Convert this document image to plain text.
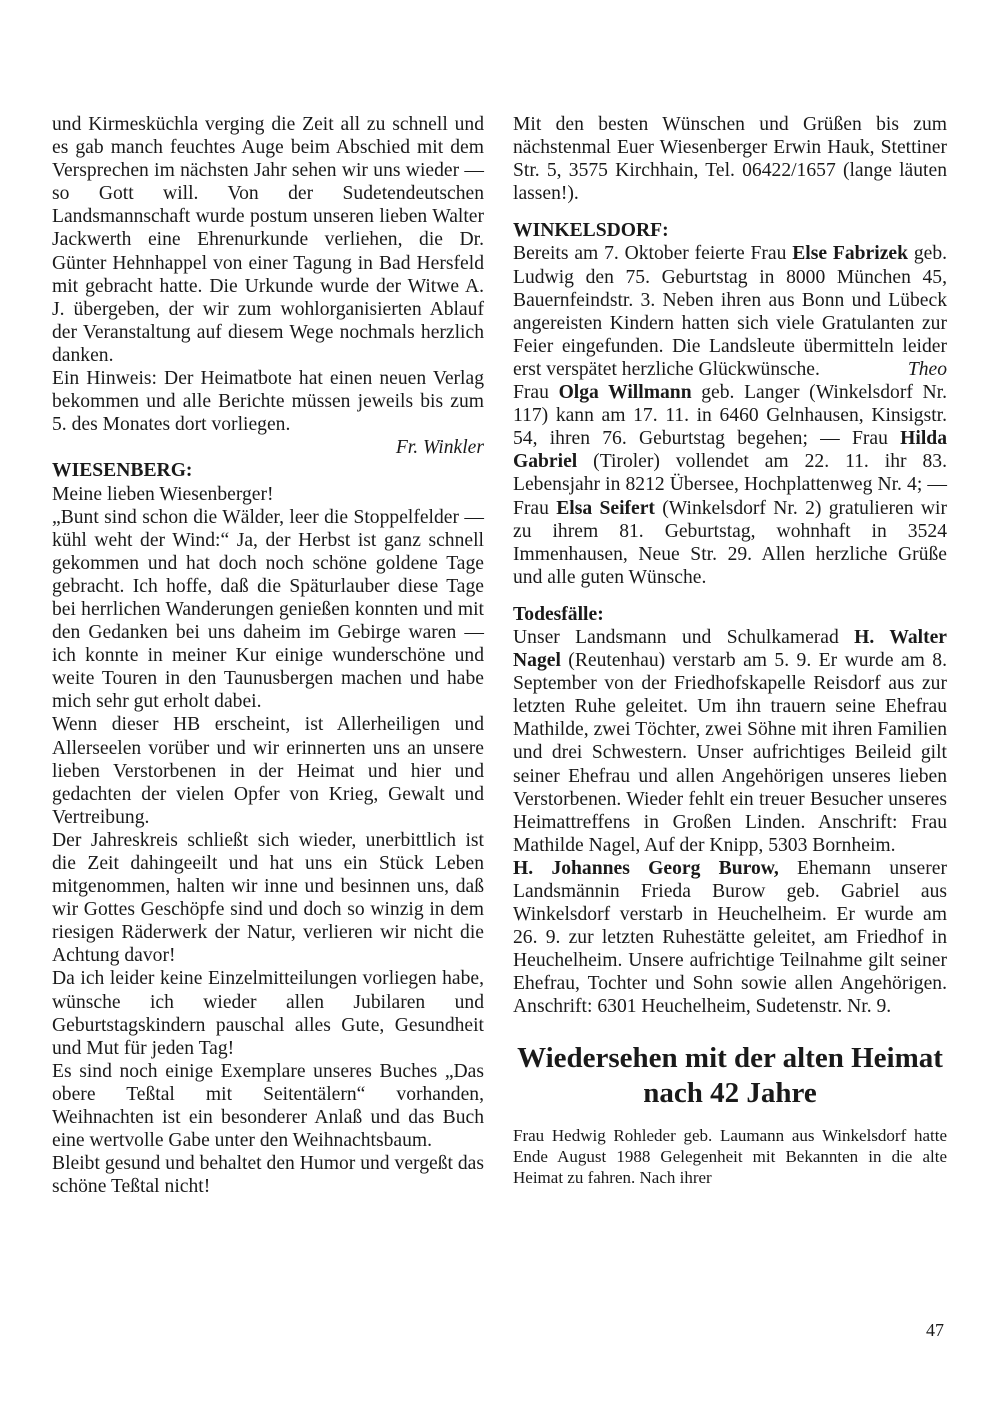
und Kirmesküchla verging die Zeit all zu schnell und es gab manch feuchtes Auge beim Abschied mit dem Versprechen im nächsten Jahr sehen wir uns wieder — so Gott will. Von der Sudetendeutschen Landsmannschaft wurde postum unseren lieben Walter Jackwerth eine Ehrenurkunde verliehen, die Dr. Günter Hehnhappel von einer Tagung in Bad Hersfeld mit gebracht hatte. Die Urkunde wurde der Witwe A. J. übergeben, der wir zum wohlorganisierten Ablauf der Veranstaltung auf diesem Wege nochmals herzlich danken.

Ein Hinweis: Der Heimatbote hat einen neuen Verlag bekommen und alle Berichte müssen jeweils bis zum 5. des Monates dort vorliegen.

Fr. Winkler

WIESENBERG:

Meine lieben Wiesenberger!

„Bunt sind schon die Wälder, leer die Stoppelfelder — kühl weht der Wind:“ Ja, der Herbst ist ganz schnell gekommen und hat doch noch schöne goldene Tage gebracht. Ich hoffe, daß die Späturlauber diese Tage bei herrlichen Wanderungen genießen konnten und mit den Gedanken bei uns daheim im Gebirge waren — ich konnte in meiner Kur einige wunderschöne und weite Touren in den Taunusbergen machen und habe mich sehr gut erholt dabei.

Wenn dieser HB erscheint, ist Allerheiligen und Allerseelen vorüber und wir erinnerten uns an unsere lieben Verstorbenen in der Heimat und hier und gedachten der vielen Opfer von Krieg, Gewalt und Vertreibung.

Der Jahreskreis schließt sich wieder, unerbittlich ist die Zeit dahingeeilt und hat uns ein Stück Leben mitgenommen, halten wir inne und besinnen uns, daß wir Gottes Geschöpfe sind und doch so winzig in dem riesigen Räderwerk der Natur, verlieren wir nicht die Achtung davor!

Da ich leider keine Einzelmitteilungen vorliegen habe, wünsche ich wieder allen Jubilaren und Geburtstagskindern pauschal alles Gute, Gesundheit und Mut für jeden Tag!

Es sind noch einige Exemplare unseres Buches „Das obere Teßtal mit Seitentälern“ vorhanden, Weihnachten ist ein besonderer Anlaß und das Buch eine wertvolle Gabe unter den Weihnachtsbaum.

Bleibt gesund und behaltet den Humor und vergeßt das schöne Teßtal nicht!

Mit den besten Wünschen und Grüßen bis zum nächstenmal Euer Wiesenberger Erwin Hauk, Stettiner Str. 5, 3575 Kirchhain, Tel. 06422/1657 (lange läuten lassen!).

WINKELSDORF:

Bereits am 7. Oktober feierte Frau Else Fabrizek geb. Ludwig den 75. Geburtstag in 8000 München 45, Bauernfeindstr. 3. Neben ihren aus Bonn und Lübeck angereisten Kindern hatten sich viele Gratulanten zur Feier eingefunden. Die Landsleute übermitteln leider erst verspätet herzliche Glückwünsche.	Theo

Frau Olga Willmann geb. Langer (Winkelsdorf Nr. 117) kann am 17. 11. in 6460 Gelnhausen, Kinsigstr. 54, ihren 76. Geburtstag begehen; — Frau Hilda Gabriel (Tiroler) vollendet am 22. 11. ihr 83. Lebensjahr in 8212 Übersee, Hochplattenweg Nr. 4; — Frau Elsa Seifert (Winkelsdorf Nr. 2) gratulieren wir zu ihrem 81. Geburtstag, wohnhaft in 3524 Immenhausen, Neue Str. 29. Allen herzliche Grüße und alle guten Wünsche.

Todesfälle:

Unser Landsmann und Schulkamerad H. Walter Nagel (Reutenhau) verstarb am 5. 9. Er wurde am 8. September von der Friedhofskapelle Reisdorf aus zur letzten Ruhe geleitet. Um ihn trauern seine Ehefrau Mathilde, zwei Töchter, zwei Söhne mit ihren Familien und drei Schwestern. Unser aufrichtiges Beileid gilt seiner Ehefrau und allen Angehörigen unseres lieben Verstorbenen. Wieder fehlt ein treuer Besucher unseres Heimattreffens in Großen Linden. Anschrift: Frau Mathilde Nagel, Auf der Knipp, 5303 Bornheim.

H. Johannes Georg Burow, Ehemann unserer Landsmännin Frieda Burow geb. Gabriel aus Winkelsdorf verstarb in Heuchelheim. Er wurde am 26. 9. zur letzten Ruhestätte geleitet, am Friedhof in Heuchelheim. Unsere aufrichtige Teilnahme gilt seiner Ehefrau, Tochter und Sohn sowie allen Angehörigen. Anschrift: 6301 Heuchelheim, Sudetenstr. Nr. 9.

Wiedersehen mit der alten Heimat nach 42 Jahre

Frau Hedwig Rohleder geb. Laumann aus Winkelsdorf hatte Ende August 1988 Gelegenheit mit Bekannten in die alte Heimat zu fahren. Nach ihrer

47
